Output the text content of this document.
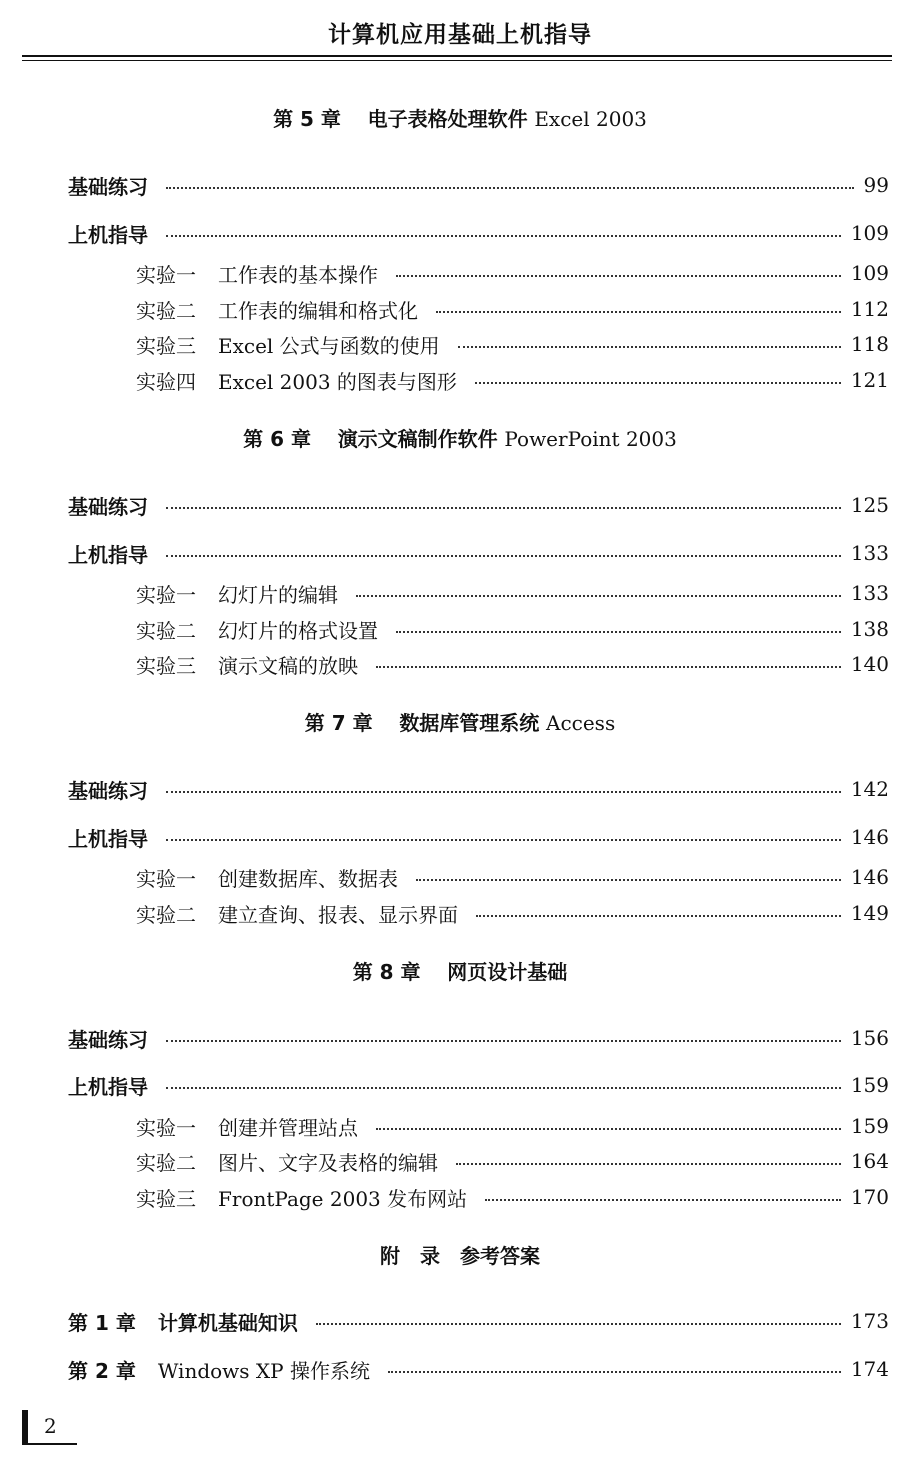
计算机应用基础上机指导
第 5 章 电子表格处理软件 Excel 2003
基础练习	99
上机指导	109
实验一 工作表的基本操作	109
实验二 工作表的编辑和格式化	112
实验三 Excel 公式与函数的使用	118
实验四 Excel 2003 的图表与图形	121
第 6 章 演示文稿制作软件 PowerPoint 2003
基础练习	125
上机指导	133
实验一 幻灯片的编辑	133
实验二 幻灯片的格式设置	138
实验三 演示文稿的放映	140
第 7 章 数据库管理系统 Access
基础练习	142
上机指导	146
实验一 创建数据库、数据表	146
实验二 建立查询、报表、显示界面	149
第 8 章 网页设计基础
基础练习	156
上机指导	159
实验一 创建并管理站点	159
实验二 图片、文字及表格的编辑	164
实验三 FrontPage 2003 发布网站	170
附　录　参考答案
第 1 章 计算机基础知识	173
第 2 章 Windows XP 操作系统	174
2
